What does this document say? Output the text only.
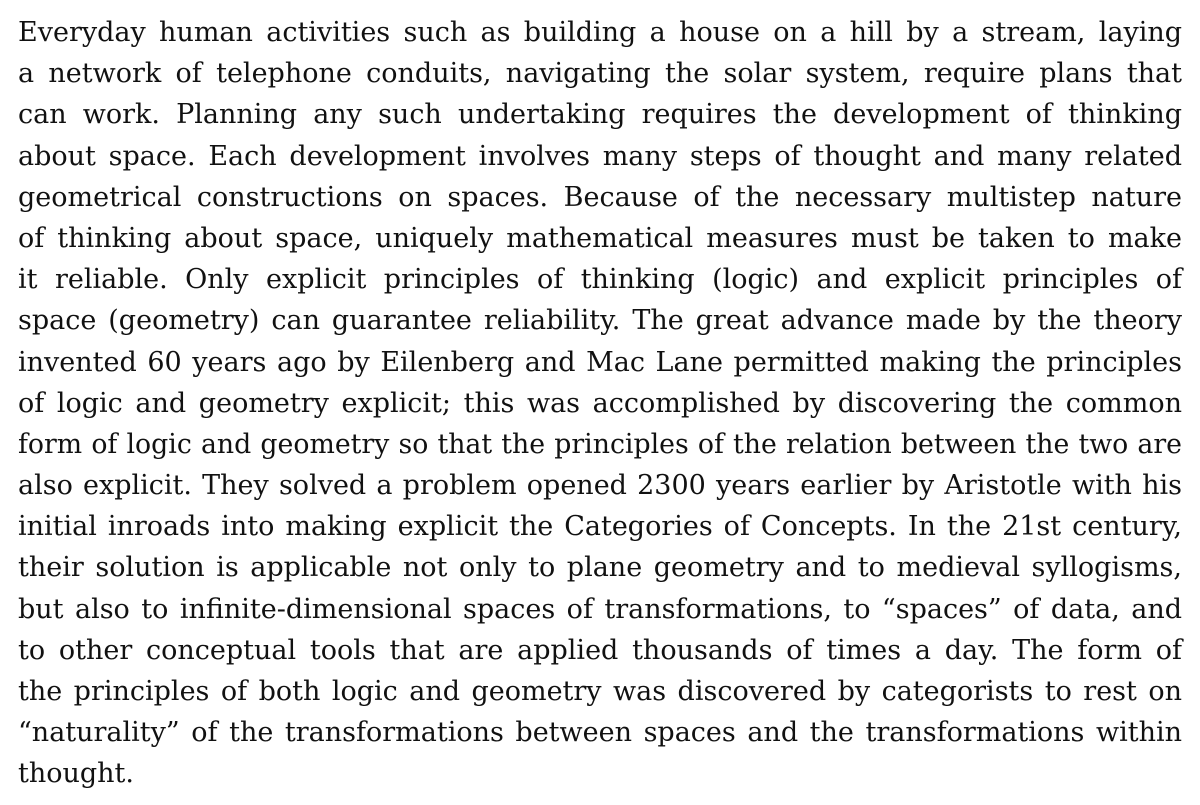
Everyday human activities such as building a house on a hill by a stream, laying
a network of telephone conduits, navigating the solar system, require plans that
can work. Planning any such undertaking requires the development of thinking
about space. Each development involves many steps of thought and many related
geometrical constructions on spaces. Because of the necessary multistep nature
of thinking about space, uniquely mathematical measures must be taken to make
it reliable. Only explicit principles of thinking (logic) and explicit principles of
space (geometry) can guarantee reliability. The great advance made by the theory
invented 60 years ago by Eilenberg and Mac Lane permitted making the principles
of logic and geometry explicit; this was accomplished by discovering the common
form of logic and geometry so that the principles of the relation between the two are
also explicit. They solved a problem opened 2300 years earlier by Aristotle with his
initial inroads into making explicit the Categories of Concepts. In the 21st century,
their solution is applicable not only to plane geometry and to medieval syllogisms,
but also to infinite-dimensional spaces of transformations, to “spaces” of data, and
to other conceptual tools that are applied thousands of times a day. The form of
the principles of both logic and geometry was discovered by categorists to rest on
“naturality” of the transformations between spaces and the transformations within
thought.
